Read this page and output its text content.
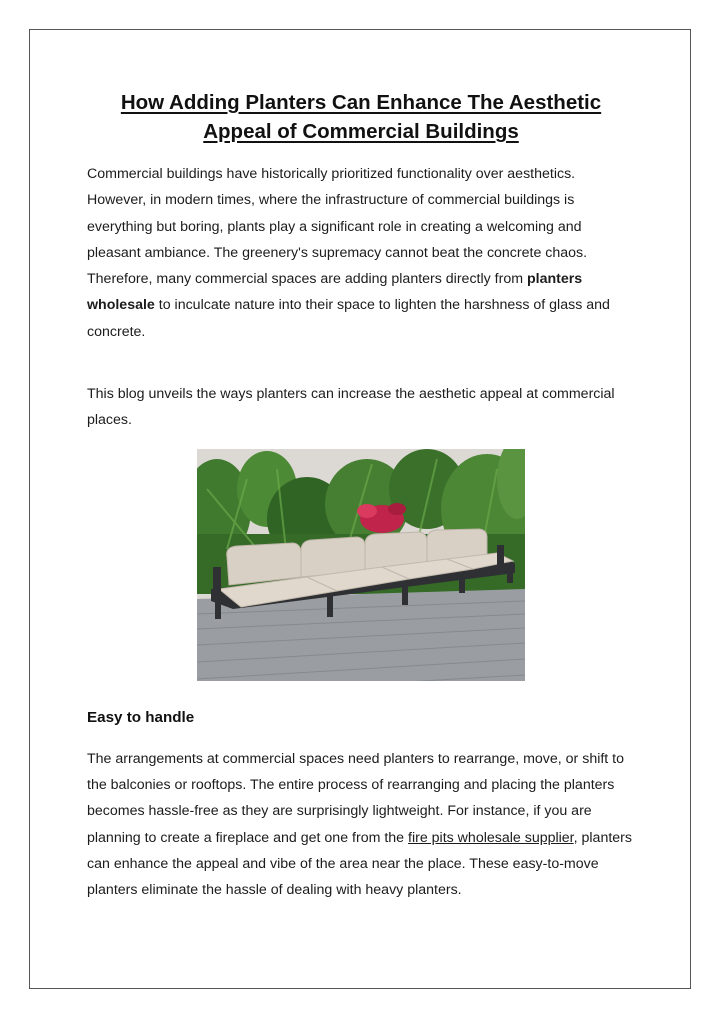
How Adding Planters Can Enhance The Aesthetic
Appeal of Commercial Buildings

Commercial buildings have historically prioritized functionality over aesthetics. However, in modern times, where the infrastructure of commercial buildings is everything but boring, plants play a significant role in creating a welcoming and pleasant ambiance. The greenery's supremacy cannot beat the concrete chaos. Therefore, many commercial spaces are adding planters directly from planters wholesale to inculcate nature into their space to lighten the harshness of glass and concrete.

This blog unveils the ways planters can increase the aesthetic appeal at commercial places.

Easy to handle

The arrangements at commercial spaces need planters to rearrange, move, or shift to the balconies or rooftops. The entire process of rearranging and placing the planters becomes hassle-free as they are surprisingly lightweight. For instance, if you are planning to create a fireplace and get one from the fire pits wholesale supplier, planters can enhance the appeal and vibe of the area near the place. These easy-to-move planters eliminate the hassle of dealing with heavy planters.
